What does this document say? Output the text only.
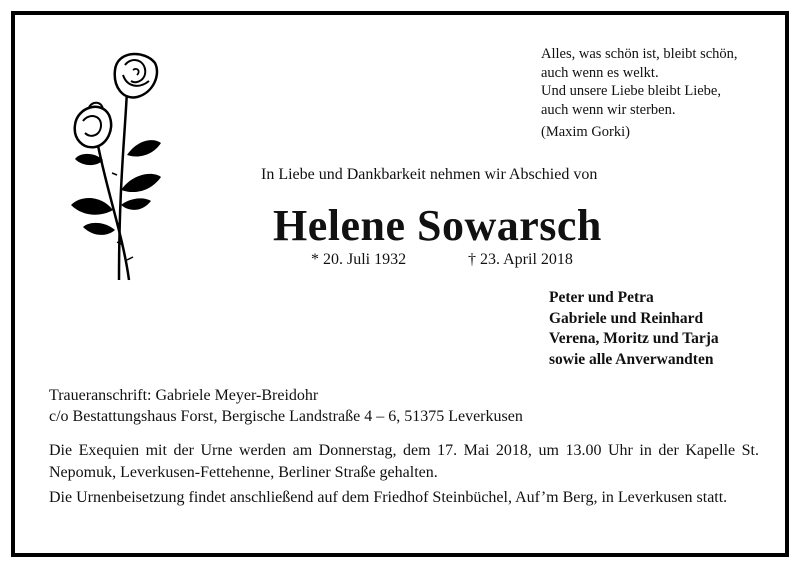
Alles, was schön ist, bleibt schön,
auch wenn es welkt.
Und unsere Liebe bleibt Liebe,
auch wenn wir sterben.
(Maxim Gorki)
In Liebe und Dankbarkeit nehmen wir Abschied von
Helene Sowarsch
* 20. Juli 1932	† 23. April 2018
Peter und Petra
Gabriele und Reinhard
Verena, Moritz und Tarja
sowie alle Anverwandten
Traueranschrift: Gabriele Meyer-Breidohr
c/o Bestattungshaus Forst, Bergische Landstraße 4 – 6, 51375 Leverkusen
Die Exequien mit der Urne werden am Donnerstag, dem 17. Mai 2018, um 13.00 Uhr in der Kapelle St. Nepomuk, Leverkusen-Fettehenne, Berliner Straße gehalten.
Die Urnenbeisetzung findet anschließend auf dem Friedhof Steinbüchel, Auf’m Berg, in Leverkusen statt.
